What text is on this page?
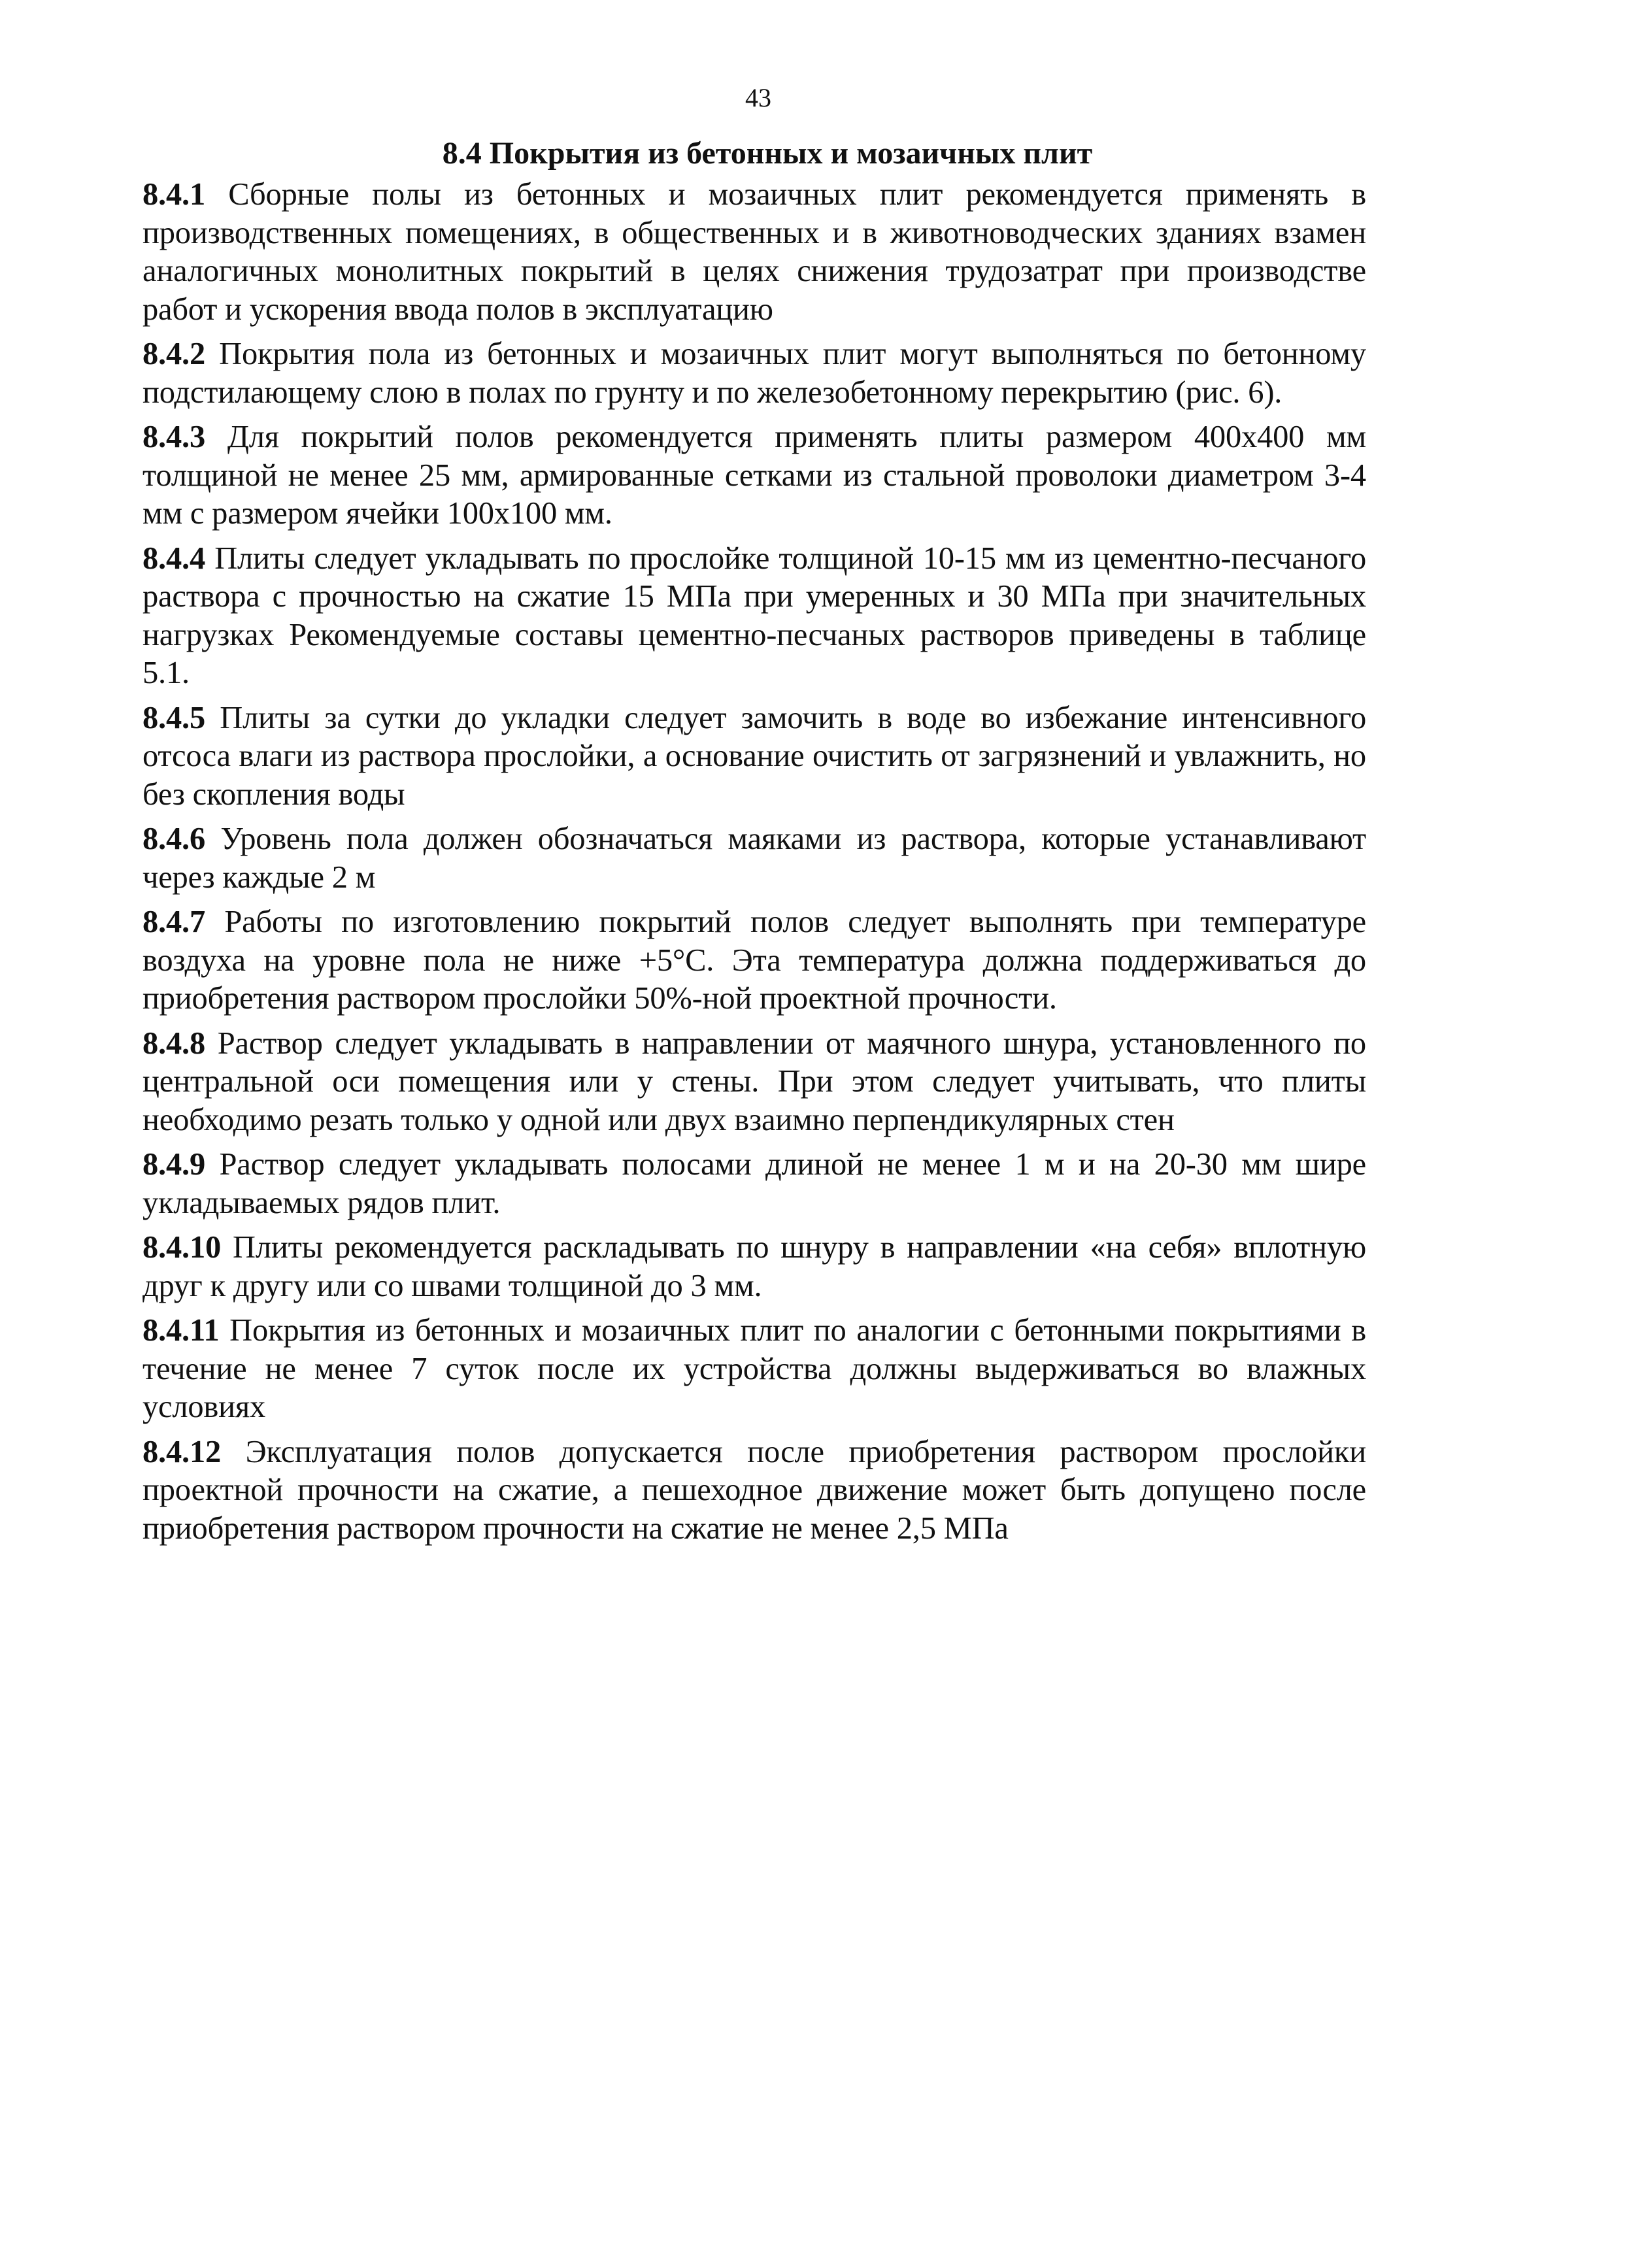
43
8.4 Покрытия из бетонных и мозаичных плит

8.4.1 Сборные полы из бетонных и мозаичных плит рекомендуется применять в производственных помещениях, в общественных и в животноводческих зданиях взамен аналогичных монолитных покрытий в целях снижения трудозатрат при производстве работ и ускорения ввода полов в эксплуатацию

8.4.2 Покрытия пола из бетонных и мозаичных плит могут выполняться по бетонному подстилающему слою в полах по грунту и по железобетонному перекрытию (рис. 6).

8.4.3 Для покрытий полов рекомендуется применять плиты размером 400х400 мм толщиной не менее 25 мм, армированные сетками из стальной проволоки диаметром 3-4 мм с размером ячейки 100х100 мм.

8.4.4 Плиты следует укладывать по прослойке толщиной 10-15 мм из цементно-песчаного раствора с прочностью на сжатие 15 МПа при умеренных и 30 МПа при значительных нагрузках Рекомендуемые составы цементно-песчаных растворов приведены в таблице 5.1.

8.4.5 Плиты за сутки до укладки следует замочить в воде во избежание интенсивного отсоса влаги из раствора прослойки, а основание очистить от загрязнений и увлажнить, но без скопления воды

8.4.6 Уровень пола должен обозначаться маяками из раствора, которые устанавливают через каждые 2 м

8.4.7 Работы по изготовлению покрытий полов следует выполнять при температуре воздуха на уровне пола не ниже +5°С. Эта температура должна поддерживаться до приобретения раствором прослойки 50%-ной проектной прочности.

8.4.8 Раствор следует укладывать в направлении от маячного шнура, установленного по центральной оси помещения или у стены. При этом следует учитывать, что плиты необходимо резать только у одной или двух взаимно перпендикулярных стен

8.4.9 Раствор следует укладывать полосами длиной не менее 1 м и на 20-30 мм шире укладываемых рядов плит.

8.4.10 Плиты рекомендуется раскладывать по шнуру в направлении «на себя» вплотную друг к другу или со швами толщиной до 3 мм.

8.4.11 Покрытия из бетонных и мозаичных плит по аналогии с бетонными покрытиями в течение не менее 7 суток после их устройства должны выдерживаться во влажных условиях

8.4.12 Эксплуатация полов допускается после приобретения раствором прослойки проектной прочности на сжатие, а пешеходное движение может быть допущено после приобретения раствором прочности на сжатие не менее 2,5 МПа
